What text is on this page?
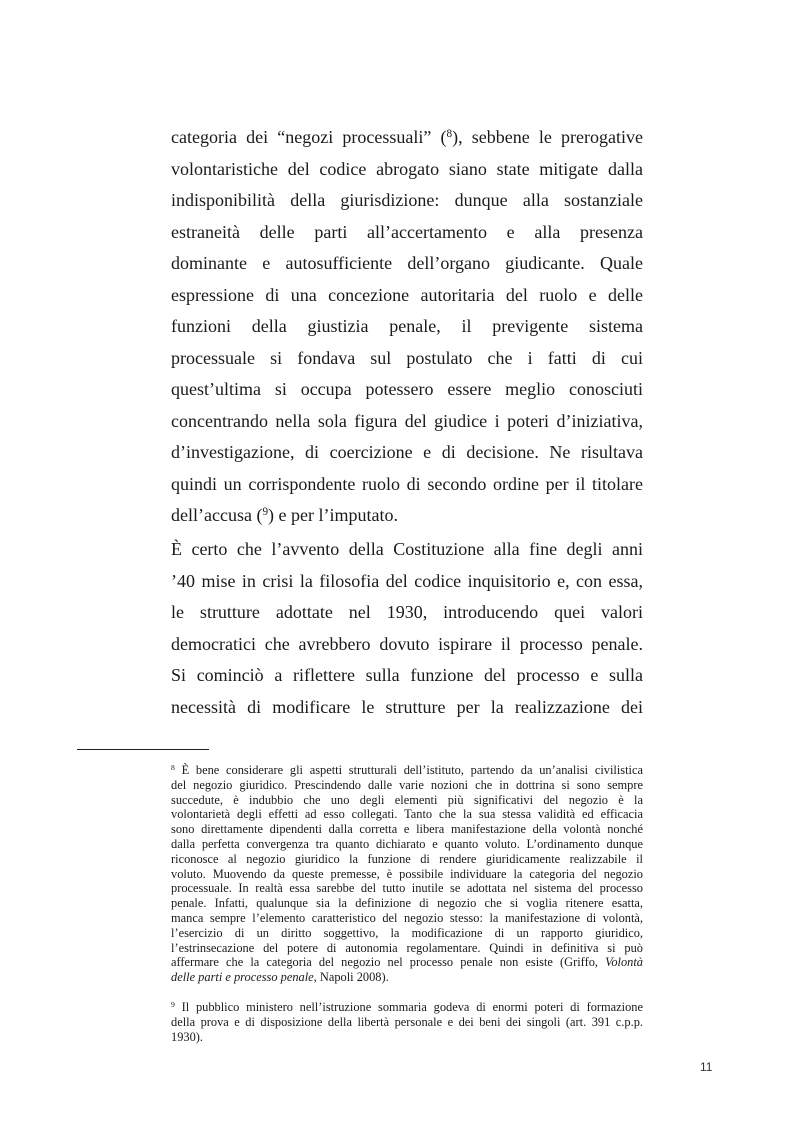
categoria dei “negozi processuali” ($^8$), sebbene le prerogative
volontaristiche del codice abrogato siano state mitigate dalla
indisponibilità della giurisdizione: dunque alla sostanziale
estraneità delle parti all’accertamento e alla presenza
dominante e autosufficiente dell’organo giudicante. Quale
espressione di una concezione autoritaria del ruolo e delle
funzioni della giustizia penale, il previgente sistema
processuale si fondava sul postulato che i fatti di cui
quest’ultima si occupa potessero essere meglio conosciuti
concentrando nella sola figura del giudice i poteri d’iniziativa,
d’investigazione, di coercizione e di decisione. Ne risultava
quindi un corrispondente ruolo di secondo ordine per il titolare
dell’accusa ($^9$) e per l’imputato.
È certo che l’avvento della Costituzione alla fine degli anni
’40 mise in crisi la filosofia del codice inquisitorio e, con essa,
le strutture adottate nel 1930, introducendo quei valori
democratici che avrebbero dovuto ispirare il processo penale.
Si cominciò a riflettere sulla funzione del processo e sulla
necessità di modificare le strutture per la realizzazione dei
$^8$ È bene considerare gli aspetti strutturali dell’istituto, partendo da un’analisi civilistica
del negozio giuridico. Prescindendo dalle varie nozioni che in dottrina si sono sempre
succedute, è indubbio che uno degli elementi più significativi del negozio è la
volontarietà degli effetti ad esso collegati. Tanto che la sua stessa validità ed efficacia
sono direttamente dipendenti dalla corretta e libera manifestazione della volontà nonché
dalla perfetta convergenza tra quanto dichiarato e quanto voluto. L’ordinamento dunque
riconosce al negozio giuridico la funzione di rendere giuridicamente realizzabile il
voluto. Muovendo da queste premesse, è possibile individuare la categoria del negozio
processuale. In realtà essa sarebbe del tutto inutile se adottata nel sistema del processo
penale. Infatti, qualunque sia la definizione di negozio che si voglia ritenere esatta,
manca sempre l’elemento caratteristico del negozio stesso: la manifestazione di volontà,
l’esercizio di un diritto soggettivo, la modificazione di un rapporto giuridico,
l’estrinsecazione del potere di autonomia regolamentare. Quindi in definitiva si può
affermare che la categoria del negozio nel processo penale non esiste (Griffo, Volontà
delle parti e processo penale, Napoli 2008).
$^9$ Il pubblico ministero nell’istruzione sommaria godeva di enormi poteri di formazione
della prova e di disposizione della libertà personale e dei beni dei singoli (art. 391 c.p.p.
1930).
11
